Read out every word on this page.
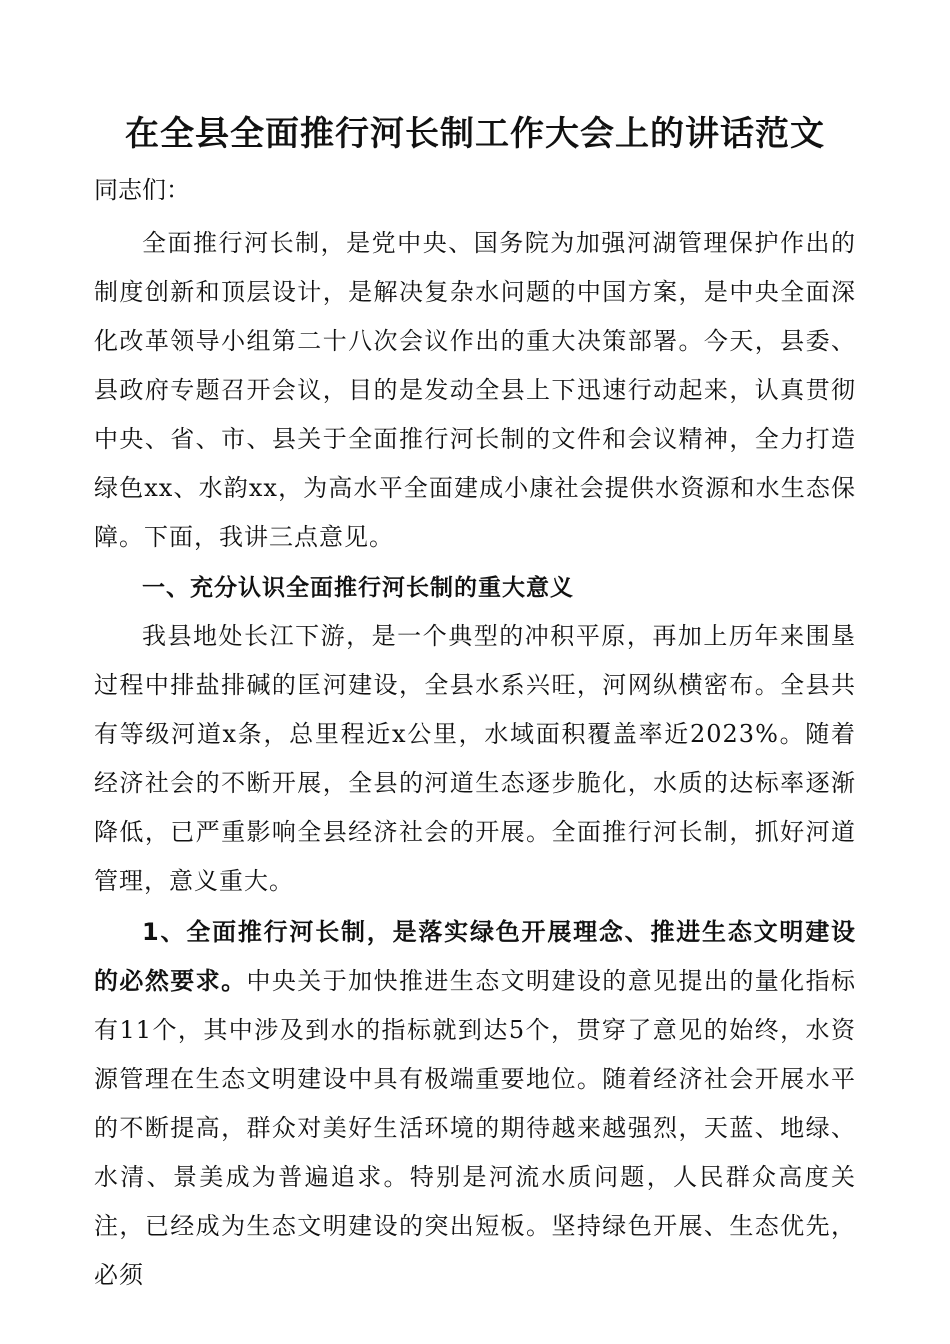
在全县全面推行河长制工作大会上的讲话范文

同志们：

全面推行河长制，是党中央、国务院为加强河湖管理保护作出的制度创新和顶层设计，是解决复杂水问题的中国方案，是中央全面深化改革领导小组第二十八次会议作出的重大决策部署。今天，县委、县政府专题召开会议，目的是发动全县上下迅速行动起来，认真贯彻中央、省、市、县关于全面推行河长制的文件和会议精神，全力打造绿色xx、水韵xx，为高水平全面建成小康社会提供水资源和水生态保障。下面，我讲三点意见。

一、充分认识全面推行河长制的重大意义

我县地处长江下游，是一个典型的冲积平原，再加上历年来围垦过程中排盐排碱的匡河建设，全县水系兴旺，河网纵横密布。全县共有等级河道x条，总里程近x公里，水域面积覆盖率近2023%。随着经济社会的不断开展，全县的河道生态逐步脆化，水质的达标率逐渐降低，已严重影响全县经济社会的开展。全面推行河长制，抓好河道管理，意义重大。

1、全面推行河长制，是落实绿色开展理念、推进生态文明建设的必然要求。中央关于加快推进生态文明建设的意见提出的量化指标有11个，其中涉及到水的指标就到达5个，贯穿了意见的始终，水资源管理在生态文明建设中具有极端重要地位。随着经济社会开展水平的不断提高，群众对美好生活环境的期待越来越强烈，天蓝、地绿、水清、景美成为普遍追求。特别是河流水质问题，人民群众高度关注，已经成为生态文明建设的突出短板。坚持绿色开展、生态优先，必须
